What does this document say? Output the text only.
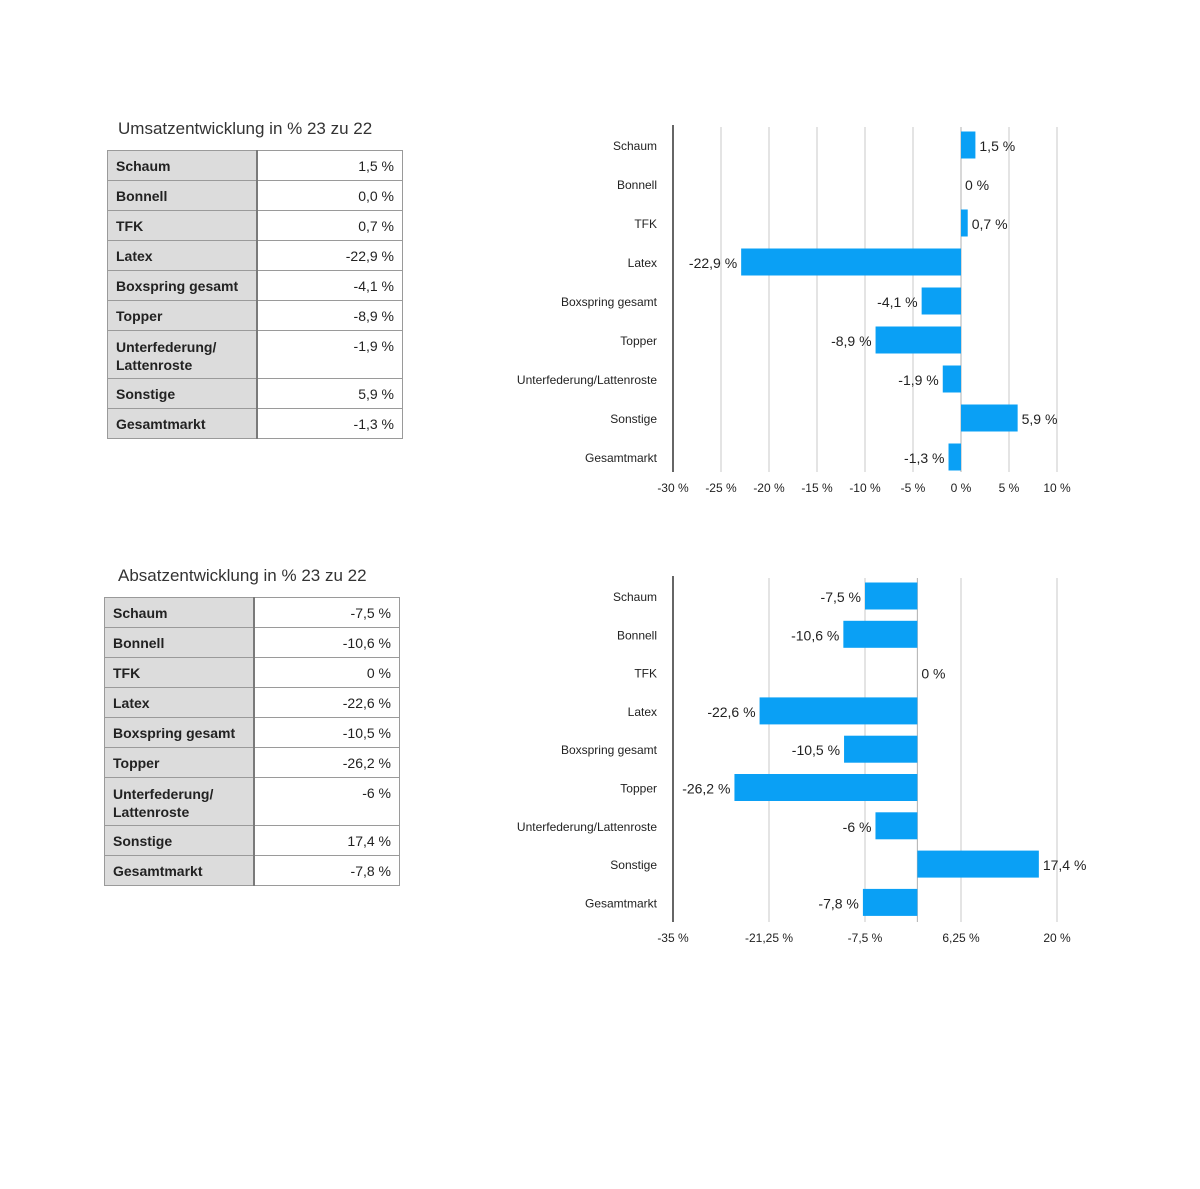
Umsatzentwicklung in % 23 zu 22
Schaum	1,5 %
Bonnell	0,0 %
TFK	0,7 %
Latex	-22,9 %
Boxspring gesamt	-4,1 %
Topper	-8,9 %
Unterfederung/ Lattenroste	-1,9 %
Sonstige	5,9 %
Gesamtmarkt	-1,3 %
Absatzentwicklung in % 23 zu 22
Schaum	-7,5 %
Bonnell	-10,6 %
TFK	0 %
Latex	-22,6 %
Boxspring gesamt	-10,5 %
Topper	-26,2 %
Unterfederung/ Lattenroste	-6 %
Sonstige	17,4 %
Gesamtmarkt	-7,8 %
-30 % -25 % -20 % -15 % -10 % -5 % 0 % 5 % 10 %
Schaum	1,5 %
Bonnell	0 %
TFK	0,7 %
Latex -22,9 %
Boxspring gesamt	-4,1 %
Topper	-8,9 %
Unterfederung/Lattenroste	-1,9 %
Sonstige	5,9 %
Gesamtmarkt	-1,3 %
-35 %	-21,25 %	-7,5 %	6,25 %	20 %
Schaum	-7,5 %
Bonnell	-10,6 %
TFK	0 %
Latex	-22,6 %
Boxspring gesamt	-10,5 %
Topper -26,2 %
Unterfederung/Lattenroste	-6 %
Sonstige	17,4 %
Gesamtmarkt	-7,8 %
